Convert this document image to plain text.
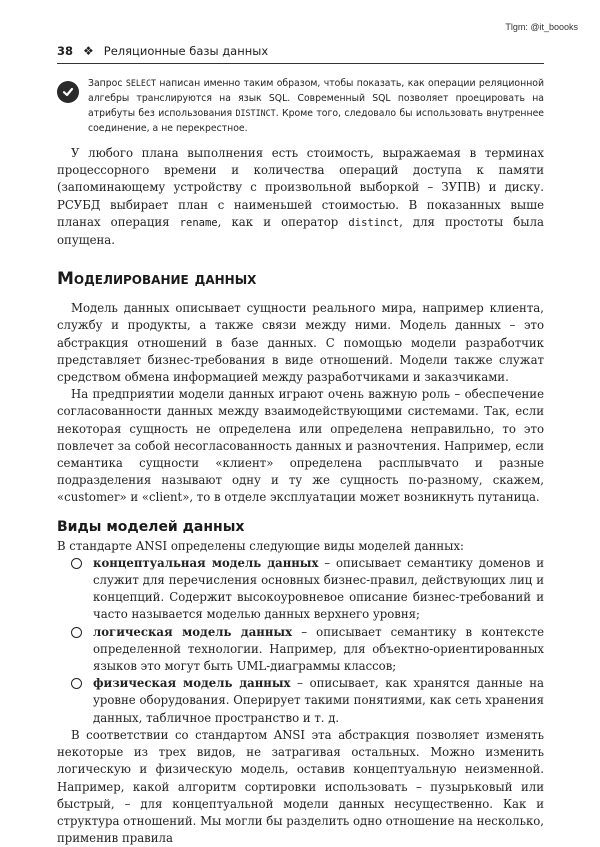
Tlgm: @it_boooks
38 ❖ Реляционные базы данных
Запрос SELECT написан именно таким образом, чтобы показать, как операции реляционной алгебры транслируются на язык SQL. Современный SQL позволяет проецировать на атрибуты без использования DISTINCT. Кроме того, следовало бы использовать внутреннее соединение, а не перекрестное.

У любого плана выполнения есть стоимость, выражаемая в терминах процессорного времени и количества операций доступа к памяти (запоминающему устройству с произвольной выборкой – ЗУПВ) и диску. РСУБД выбирает план с наименьшей стоимостью. В показанных выше планах операция rename, как и оператор distinct, для простоты была опущена.

Моделирование данных

Модель данных описывает сущности реального мира, например клиента, службу и продукты, а также связи между ними. Модель данных – это абстракция отношений в базе данных. С помощью модели разработчик представляет бизнес-требования в виде отношений. Модели также служат средством обмена информацией между разработчиками и заказчиками.

На предприятии модели данных играют очень важную роль – обеспечение согласованности данных между взаимодействующими системами. Так, если некоторая сущность не определена или определена неправильно, то это повлечет за собой несогласованность данных и разночтения. Например, если семантика сущности «клиент» определена расплывчато и разные подразделения называют одну и ту же сущность по-разному, скажем, «customer» и «client», то в отделе эксплуатации может возникнуть путаница.

Виды моделей данных

В стандарте ANSI определены следующие виды моделей данных:

концептуальная модель данных – описывает семантику доменов и служит для перечисления основных бизнес-правил, действующих лиц и концепций. Содержит высокоуровневое описание бизнес-требований и часто называется моделью данных верхнего уровня;
логическая модель данных – описывает семантику в контексте определенной технологии. Например, для объектно-ориентированных языков это могут быть UML-диаграммы классов;
физическая модель данных – описывает, как хранятся данные на уровне оборудования. Оперирует такими понятиями, как сеть хранения данных, табличное пространство и т. д.

В соответствии со стандартом ANSI эта абстракция позволяет изменять некоторые из трех видов, не затрагивая остальных. Можно изменить логическую и физическую модель, оставив концептуальную неизменной. Например, какой алгоритм сортировки использовать – пузырьковый или быстрый, – для концептуальной модели данных несущественно. Как и структура отношений. Мы могли бы разделить одно отношение на несколько, применив правила
